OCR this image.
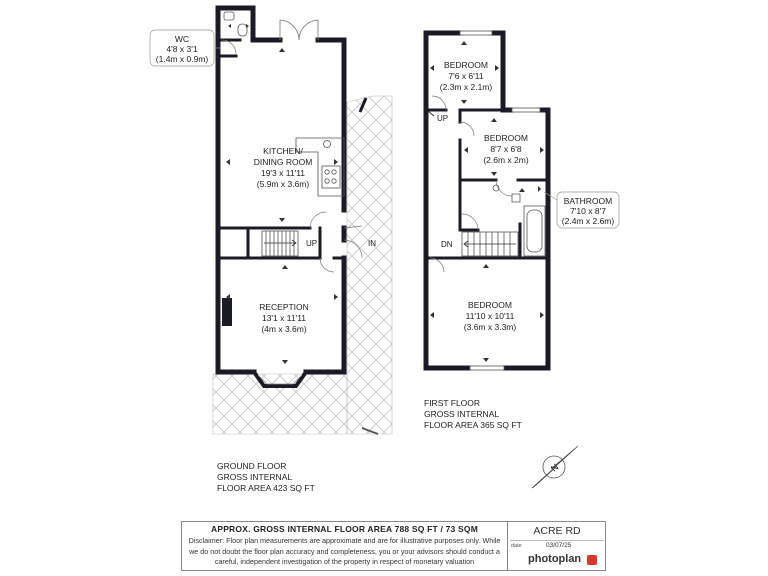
N
WC
4'8 x 3'1
(1.4m x 0.9m)
KITCHEN/
DINING ROOM
19'3 x 11'11
(5.9m x 3.6m)
RECEPTION
13'1 x 11'11
(4m x 3.6m)
BEDROOM
7'6 x 6'11
(2.3m x 2.1m)
BEDROOM
8'7 x 6'8
(2.6m x 2m)
BATHROOM
7'10 x 8'7
(2.4m x 2.6m)
BEDROOM
11'10 x 10'11
(3.6m x 3.3m)
UP	IN
UP
DN
GROUND FLOOR
GROSS INTERNAL
FLOOR AREA 423 SQ FT
FIRST FLOOR
GROSS INTERNAL
FLOOR AREA 365 SQ FT
APPROX. GROSS INTERNAL FLOOR AREA 788 SQ FT / 73 SQM
Disclaimer: Floor plan measurements are approximate and are for illustrative purposes only. While we do not doubt the floor plan accuracy and completeness, you or your advisors should conduct a careful, independent investigation of the property in respect of monetary valuation
ACRE RD
date	03/07/25
photoplan
